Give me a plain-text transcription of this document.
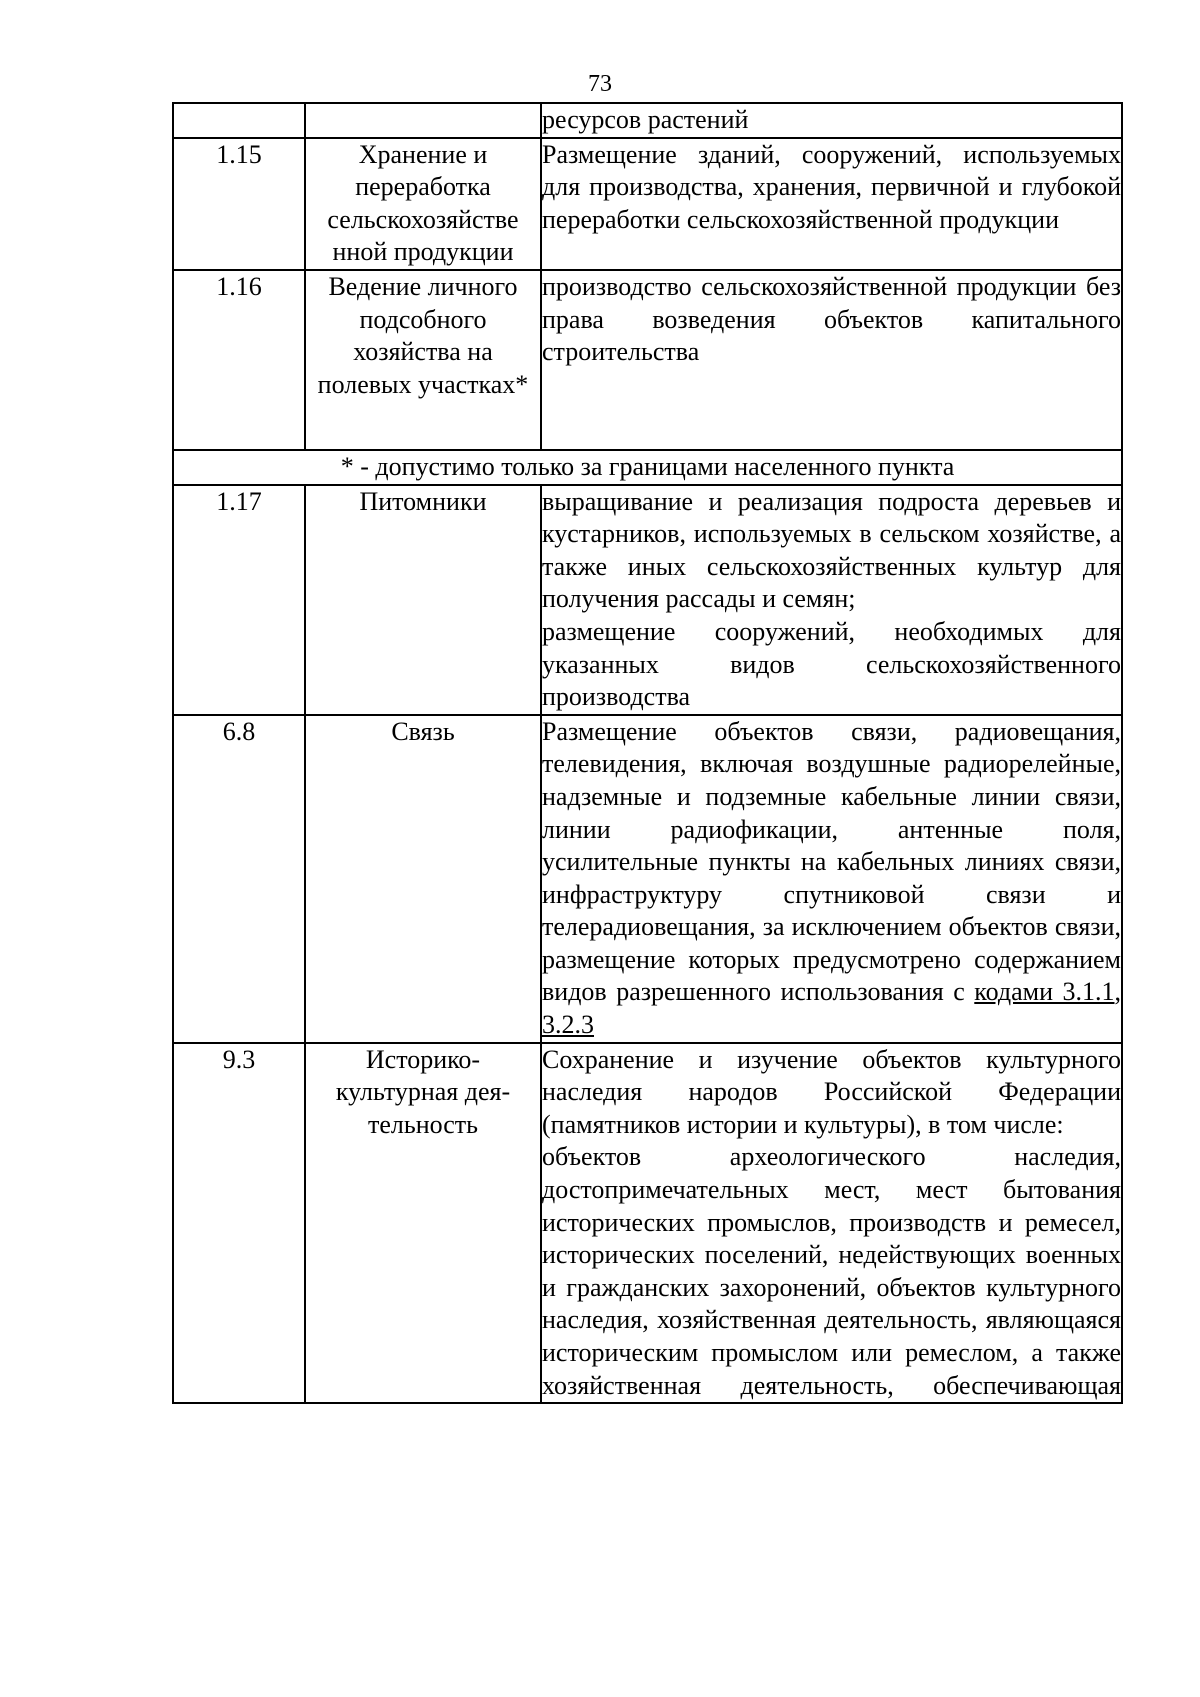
73

		ресурсов растений

1.15	Хранение и переработка сельскохозяйстве нной продукции	Размещение зданий, сооружений, используемых для производства, хранения, первичной и глубокой переработки сельскохозяйственной продукции

1.16	Ведение личного подсобного хозяйства на полевых участках*	производство сельскохозяйственной продукции без права возведения объектов капитального строительства

* - допустимо только за границами населенного пункта		
1.17	Питомники	выращивание и реализация подроста деревьев и кустарников, используемых в сельском хозяйстве, а также иных сельскохозяйственных культур для получения рассады и семян;
размещение сооружений, необходимых для указанных видов сельскохозяйственного производства

6.8	Связь	Размещение объектов связи, радиовещания, телевидения, включая воздушные радиорелейные, надземные и подземные кабельные линии связи, линии радиофикации, антенные поля, усилительные пункты на кабельных линиях связи, инфраструктуру спутниковой связи и телерадиовещания, за исключением объектов связи, размещение которых предусмотрено содержанием видов разрешенного использования с кодами 3.1.1, 3.2.3

9.3	Историко-культурная дея-тельность	Сохранение и изучение объектов культурного наследия народов Российской Федерации (памятников истории и культуры), в том числе:
объектов археологического наследия, достопримечательных мест, мест бытования исторических промыслов, производств и ремесел, исторических поселений, недействующих военных и гражданских захоронений, объектов культурного наследия, хозяйственная деятельность, являющаяся историческим промыслом или ремеслом, а также хозяйственная деятельность, обеспечивающая
